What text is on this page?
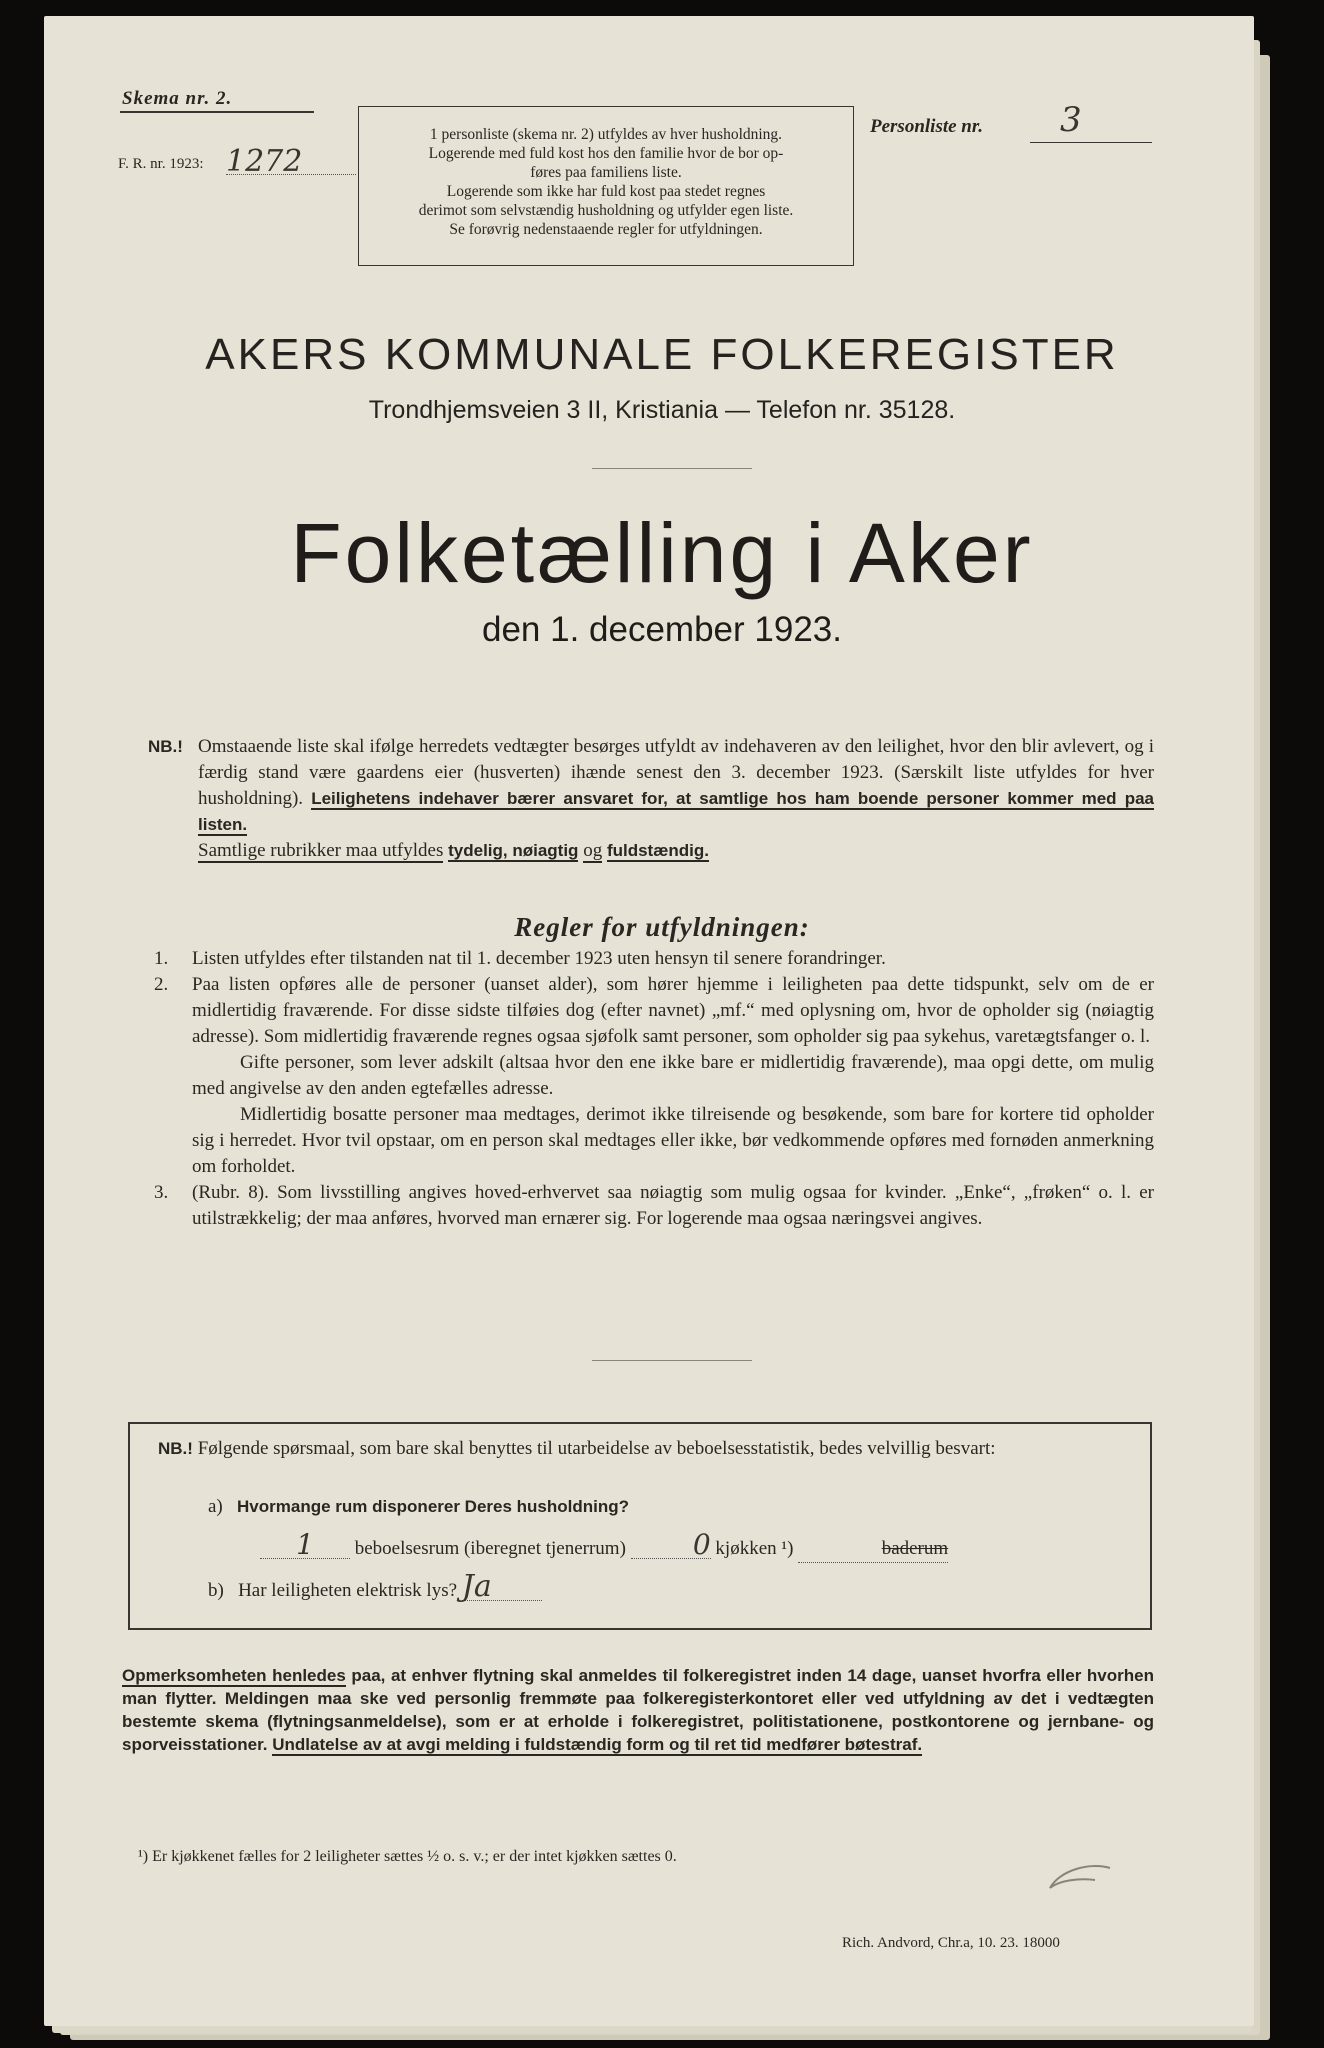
Skema nr. 2.
F. R. nr. 1923: 1272
1 personliste (skema nr. 2) utfyldes av hver husholdning.
Logerende med fuld kost hos den familie hvor de bor op-
føres paa familiens liste.
Logerende som ikke har fuld kost paa stedet regnes
derimot som selvstændig husholdning og utfylder egen liste.
Se forøvrig nedenstaaende regler for utfyldningen.
Personliste nr. 3
AKERS KOMMUNALE FOLKEREGISTER
Trondhjemsveien 3 II, Kristiania — Telefon nr. 35128.
Folketælling i Aker
den 1. december 1923.
NB.! Omstaaende liste skal ifølge herredets vedtægter besørges utfyldt av indehaveren av den leilighet, hvor den blir avlevert, og i færdig stand være gaardens eier (husverten) ihænde senest den 3. december 1923. (Særskilt liste utfyldes for hver husholdning). Leilighetens indehaver bærer ansvaret for, at samtlige hos ham boende personer kommer med paa listen.
Samtlige rubrikker maa utfyldes tydelig, nøiagtig og fuldstændig.
Regler for utfyldningen:

1. Listen utfyldes efter tilstanden nat til 1. december 1923 uten hensyn til senere forandringer.

2. Paa listen opføres alle de personer (uanset alder), som hører hjemme i leiligheten paa dette tidspunkt, selv om de er midlertidig fraværende. For disse sidste tilføies dog (efter navnet) „mf.“ med oplysning om, hvor de opholder sig (nøiagtig adresse). Som midlertidig fraværende regnes ogsaa sjøfolk samt personer, som opholder sig paa sykehus, varetægtsfanger o. l.

Gifte personer, som lever adskilt (altsaa hvor den ene ikke bare er midlertidig fraværende), maa opgi dette, om mulig med angivelse av den anden egtefælles adresse.

Midlertidig bosatte personer maa medtages, derimot ikke tilreisende og besøkende, som bare for kortere tid opholder sig i herredet. Hvor tvil opstaar, om en person skal medtages eller ikke, bør vedkommende opføres med fornøden anmerkning om forholdet.

3. (Rubr. 8). Som livsstilling angives hoved-erhvervet saa nøiagtig som mulig ogsaa for kvinder. „Enke“, „frøken“ o. l. er utilstrækkelig; der maa anføres, hvorved man ernærer sig. For logerende maa ogsaa næringsvei angives.

NB.! Følgende spørsmaal, som bare skal benyttes til utarbeidelse av beboelsesstatistik, bedes velvillig besvart:
a) Hvormange rum disponerer Deres husholdning?
1 beboelsesrum (iberegnet tjenerrum) 0 kjøkken ¹)	baderum
b) Har leiligheten elektrisk lys? Ja
Opmerksomheten henledes paa, at enhver flytning skal anmeldes til folkeregistret inden 14 dage, uanset hvorfra eller hvorhen man flytter. Meldingen maa ske ved personlig fremmøte paa folkeregisterkontoret eller ved utfyldning av det i vedtægten bestemte skema (flytningsanmeldelse), som er at erholde i folkeregistret, politistationene, postkontorene og jernbane- og sporveisstationer. Undlatelse av at avgi melding i fuldstændig form og til ret tid medfører bøtestraf.
¹) Er kjøkkenet fælles for 2 leiligheter sættes ½ o. s. v.; er der intet kjøkken sættes 0.
Rich. Andvord, Chr.a, 10. 23. 18000
